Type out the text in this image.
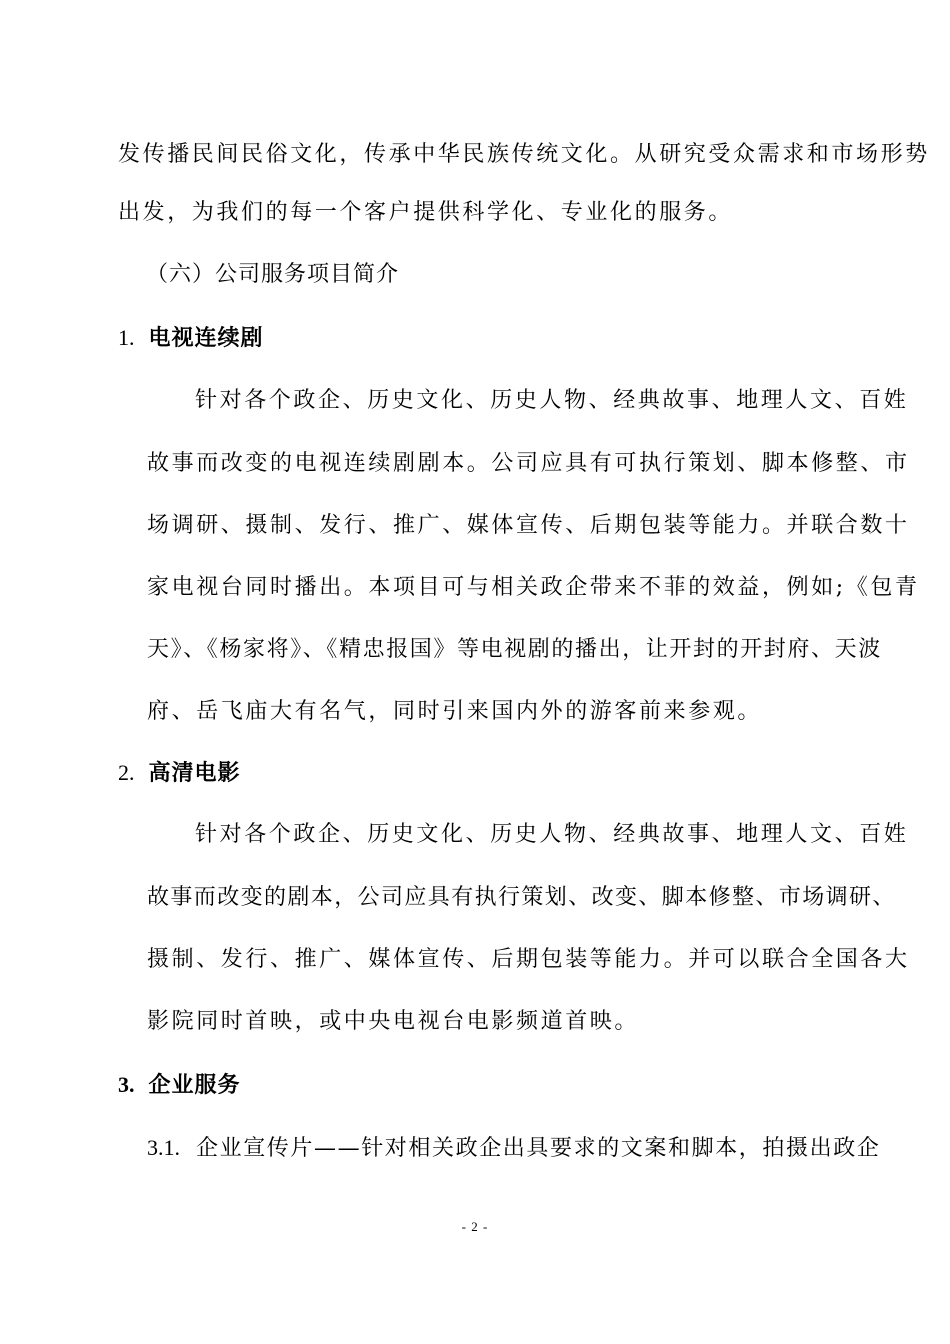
发传播民间民俗文化，传承中华民族传统文化。从研究受众需求和市场形势
出发，为我们的每一个客户提供科学化、专业化的服务。
（六）公司服务项目简介
1. 电视连续剧
针对各个政企、历史文化、历史人物、经典故事、地理人文、百姓
故事而改变的电视连续剧剧本。公司应具有可执行策划、脚本修整、市
场调研、摄制、发行、推广、媒体宣传、后期包装等能力。并联合数十
家电视台同时播出。本项目可与相关政企带来不菲的效益，例如;《包青
天》、《杨家将》、《精忠报国》等电视剧的播出，让开封的开封府、天波
府、岳飞庙大有名气，同时引来国内外的游客前来参观。
2. 高清电影
针对各个政企、历史文化、历史人物、经典故事、地理人文、百姓
故事而改变的剧本，公司应具有执行策划、改变、脚本修整、市场调研、
摄制、发行、推广、媒体宣传、后期包装等能力。并可以联合全国各大
影院同时首映，或中央电视台电影频道首映。
3. 企业服务
3.1. 企业宣传片——针对相关政企出具要求的文案和脚本，拍摄出政企
- 2 -
